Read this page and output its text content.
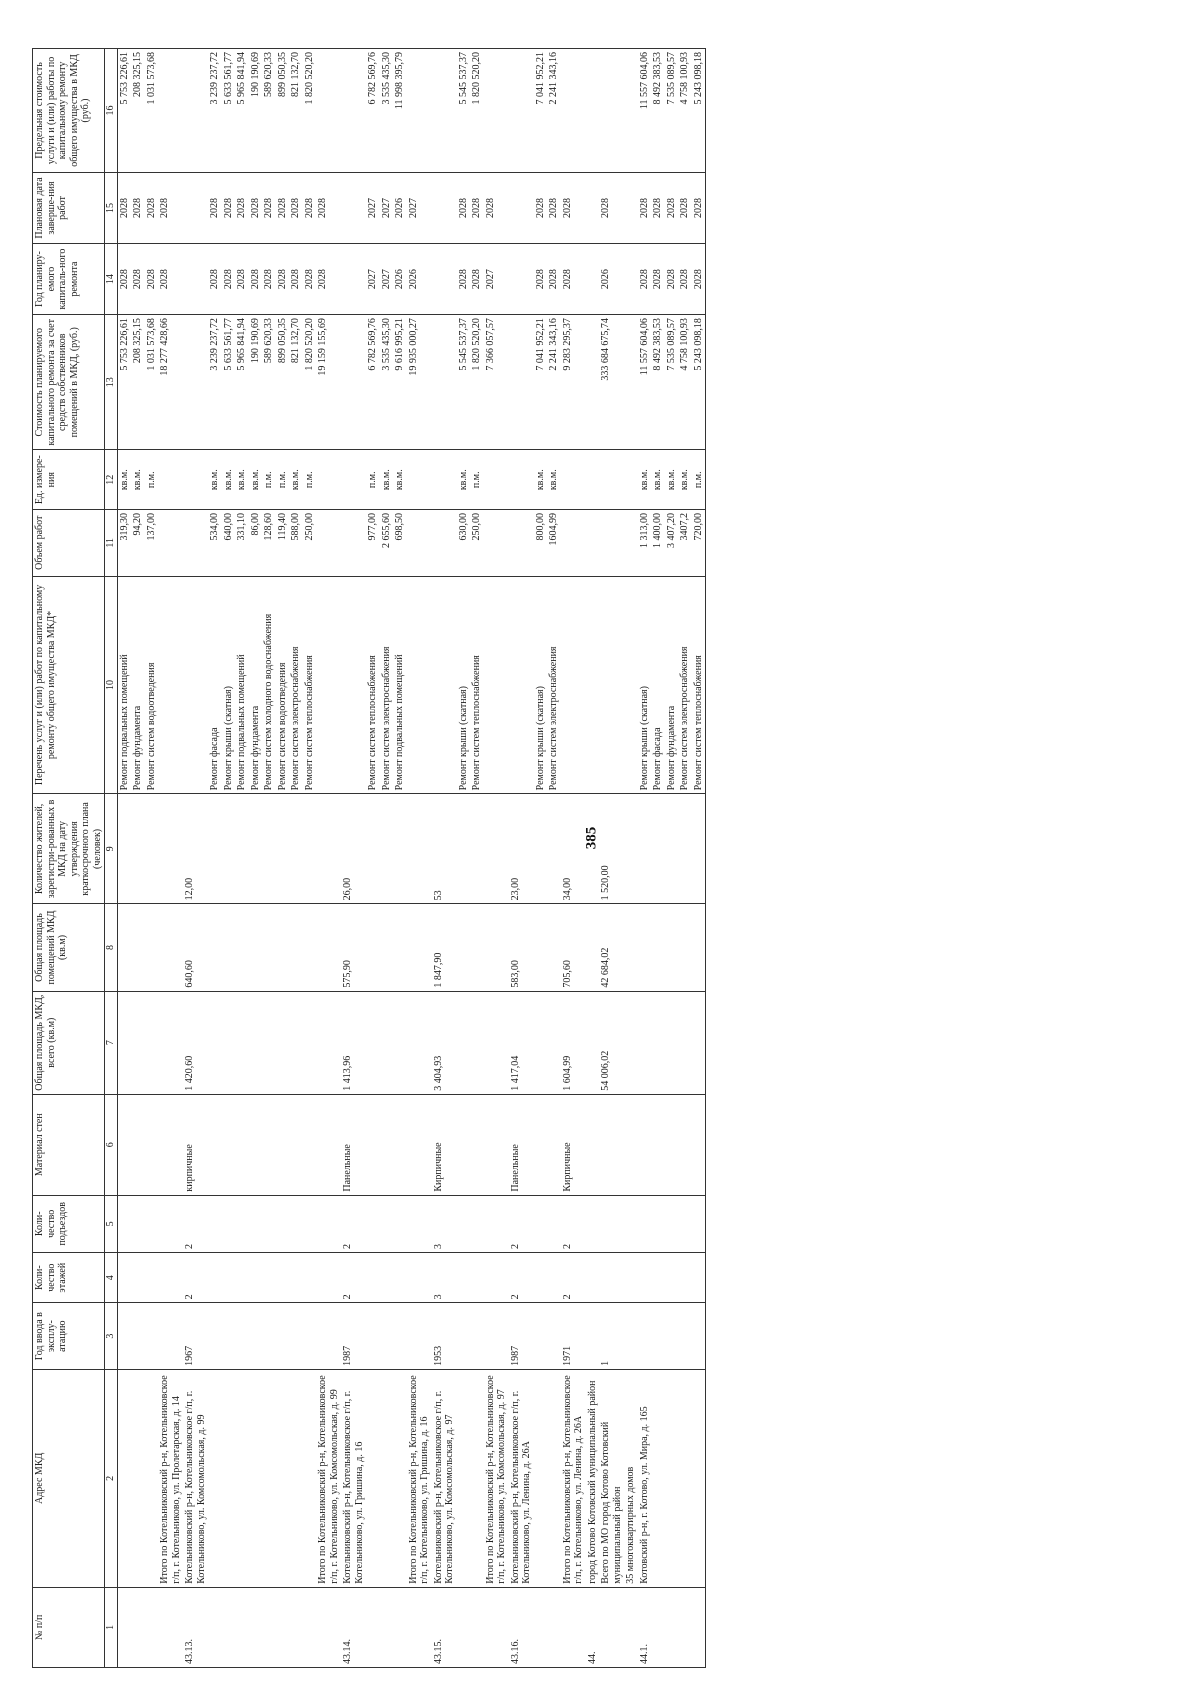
385
№ п/п	Адрес МКД	Год ввода в эксплу-атацию	Коли-чество этажей	Коли-чество подъездов	Материал стен	Общая площадь МКД, всего (кв.м)	Общая площадь помещений МКД (кв.м)	Количество жителей, зарегистри-рованных в МКД на дату утверждения краткосрочного плана (человек)	Перечень услуг и (или) работ по капитальному ремонту общего имущества МКД*	Объем работ	Ед. измере-ния	Стоимость планируемого капитального ремонта за счет средств собственников помещений в МКД, (руб.)	Год планиру-емого капиталь-ного ремонта	Плановая дата заверше-ния работ	Предельная стоимость услуги и (или) работы по капитальному ремонту общего имущества в МКД (руб.)
1	2	3	4	5	6	7	8	9	10	11	12	13	14	15	16
									Ремонт подвальных помещений	319,30	кв.м.	5 753 226,61	2028	2028	5 753 226,61
									Ремонт фундамента	94,20	кв.м.	208 325,15	2028	2028	208 325,15
									Ремонт систем водоотведения	137,00	п.м.	1 031 573,68	2028	2028	1 031 573,68
	Итого по Котельниковский р-н, Котельниковское г/п, г. Котельниково, ул. Пролетарская, д. 14											18 277 428,66	2028	2028	
43.13.	Котельниковский р-н, Котельниковское г/п, г. Котельниково, ул. Комсомольская, д. 99	1967	2	2	кирпичные	1 420,60	640,60	12,00							
									Ремонт фасада	534,00	кв.м.	3 239 237,72	2028	2028	3 239 237,72
									Ремонт крыши (скатная)	640,00	кв.м.	5 633 561,77	2028	2028	5 633 561,77
									Ремонт подвальных помещений	331,10	кв.м.	5 965 841,94	2028	2028	5 965 841,94
									Ремонт фундамента	86,00	кв.м.	190 190,69	2028	2028	190 190,69
									Ремонт систем холодного водоснабжения	128,60	п.м.	589 620,33	2028	2028	589 620,33
									Ремонт систем водоотведения	119,40	п.м.	899 050,35	2028	2028	899 050,35
									Ремонт систем электроснабжения	588,00	кв.м.	821 132,70	2028	2028	821 132,70
									Ремонт систем теплоснабжения	250,00	п.м.	1 820 520,20	2028	2028	1 820 520,20
	Итого по Котельниковский р-н, Котельниковское г/п, г. Котельниково, ул. Комсомольская, д. 99											19 159 155,69	2028	2028	
43.14.	Котельниковский р-н, Котельниковское г/п, г. Котельниково, ул. Гришина, д. 16	1987	2	2	Панельные	1 413,96	575,90	26,00							
									Ремонт систем теплоснабжения	977,00	п.м.	6 782 569,76	2027	2027	6 782 569,76
									Ремонт систем электроснабжения	2 655,60	кв.м.	3 535 435,30	2027	2027	3 535 435,30
									Ремонт подвальных помещений	698,50	кв.м.	9 616 995,21	2026	2026	11 998 395,79
	Итого по Котельниковский р-н, Котельниковское г/п, г. Котельниково, ул. Гришина, д. 16											19 935 000,27	2026	2027	
43.15.	Котельниковский р-н, Котельниковское г/п, г. Котельниково, ул. Комсомольская, д. 97	1953	3	3	Кирпичные	3 404,93	1 847,90	53							
									Ремонт крыши (скатная)	630,00	кв.м.	5 545 537,37	2028	2028	5 545 537,37
									Ремонт систем теплоснабжения	250,00	п.м.	1 820 520,20	2028	2028	1 820 520,20
	Итого по Котельниковский р-н, Котельниковское г/п, г. Котельниково, ул. Комсомольская, д. 97											7 366 057,57	2027	2028	
43.16.	Котельниковский р-н, Котельниковское г/п, г. Котельниково, ул. Ленина, д. 26А	1987	2	2	Панельные	1 417,04	583,00	23,00							
									Ремонт крыши (скатная)	800,00	кв.м.	7 041 952,21	2028	2028	7 041 952,21
									Ремонт систем электроснабжения	1604,99	кв.м.	2 241 343,16	2028	2028	2 241 343,16
	Итого по Котельниковский р-н, Котельниковское г/п, г. Котельниково, ул. Ленина, д. 26А	1971	2	2	Кирпичные	1 604,99	705,60	34,00				9 283 295,37	2028	2028	
44.	город Котово Котовский муниципальный район														
	Всего по МО город Котово Котовский муниципальный район	1				54 006,02	42 684,02	1 520,00				333 684 675,74	2026	2028	
	35 многоквартирных домов														
44.1.	Котовский р-н, г. Котово, ул. Мира, д. 165								Ремонт крыши (скатная)	1 313,00	кв.м.	11 557 604,06	2028	2028	11 557 604,06
									Ремонт фасада	1 400,00	кв.м.	8 492 383,53	2028	2028	8 492 383,53
									Ремонт фундамента	3 407,20	кв.м.	7 535 089,57	2028	2028	7 535 089,57
									Ремонт систем электроснабжения	3407,2	кв.м.	4 758 100,93	2028	2028	4 758 100,93
									Ремонт систем теплоснабжения	720,00	п.м.	5 243 098,18	2028	2028	5 243 098,18
